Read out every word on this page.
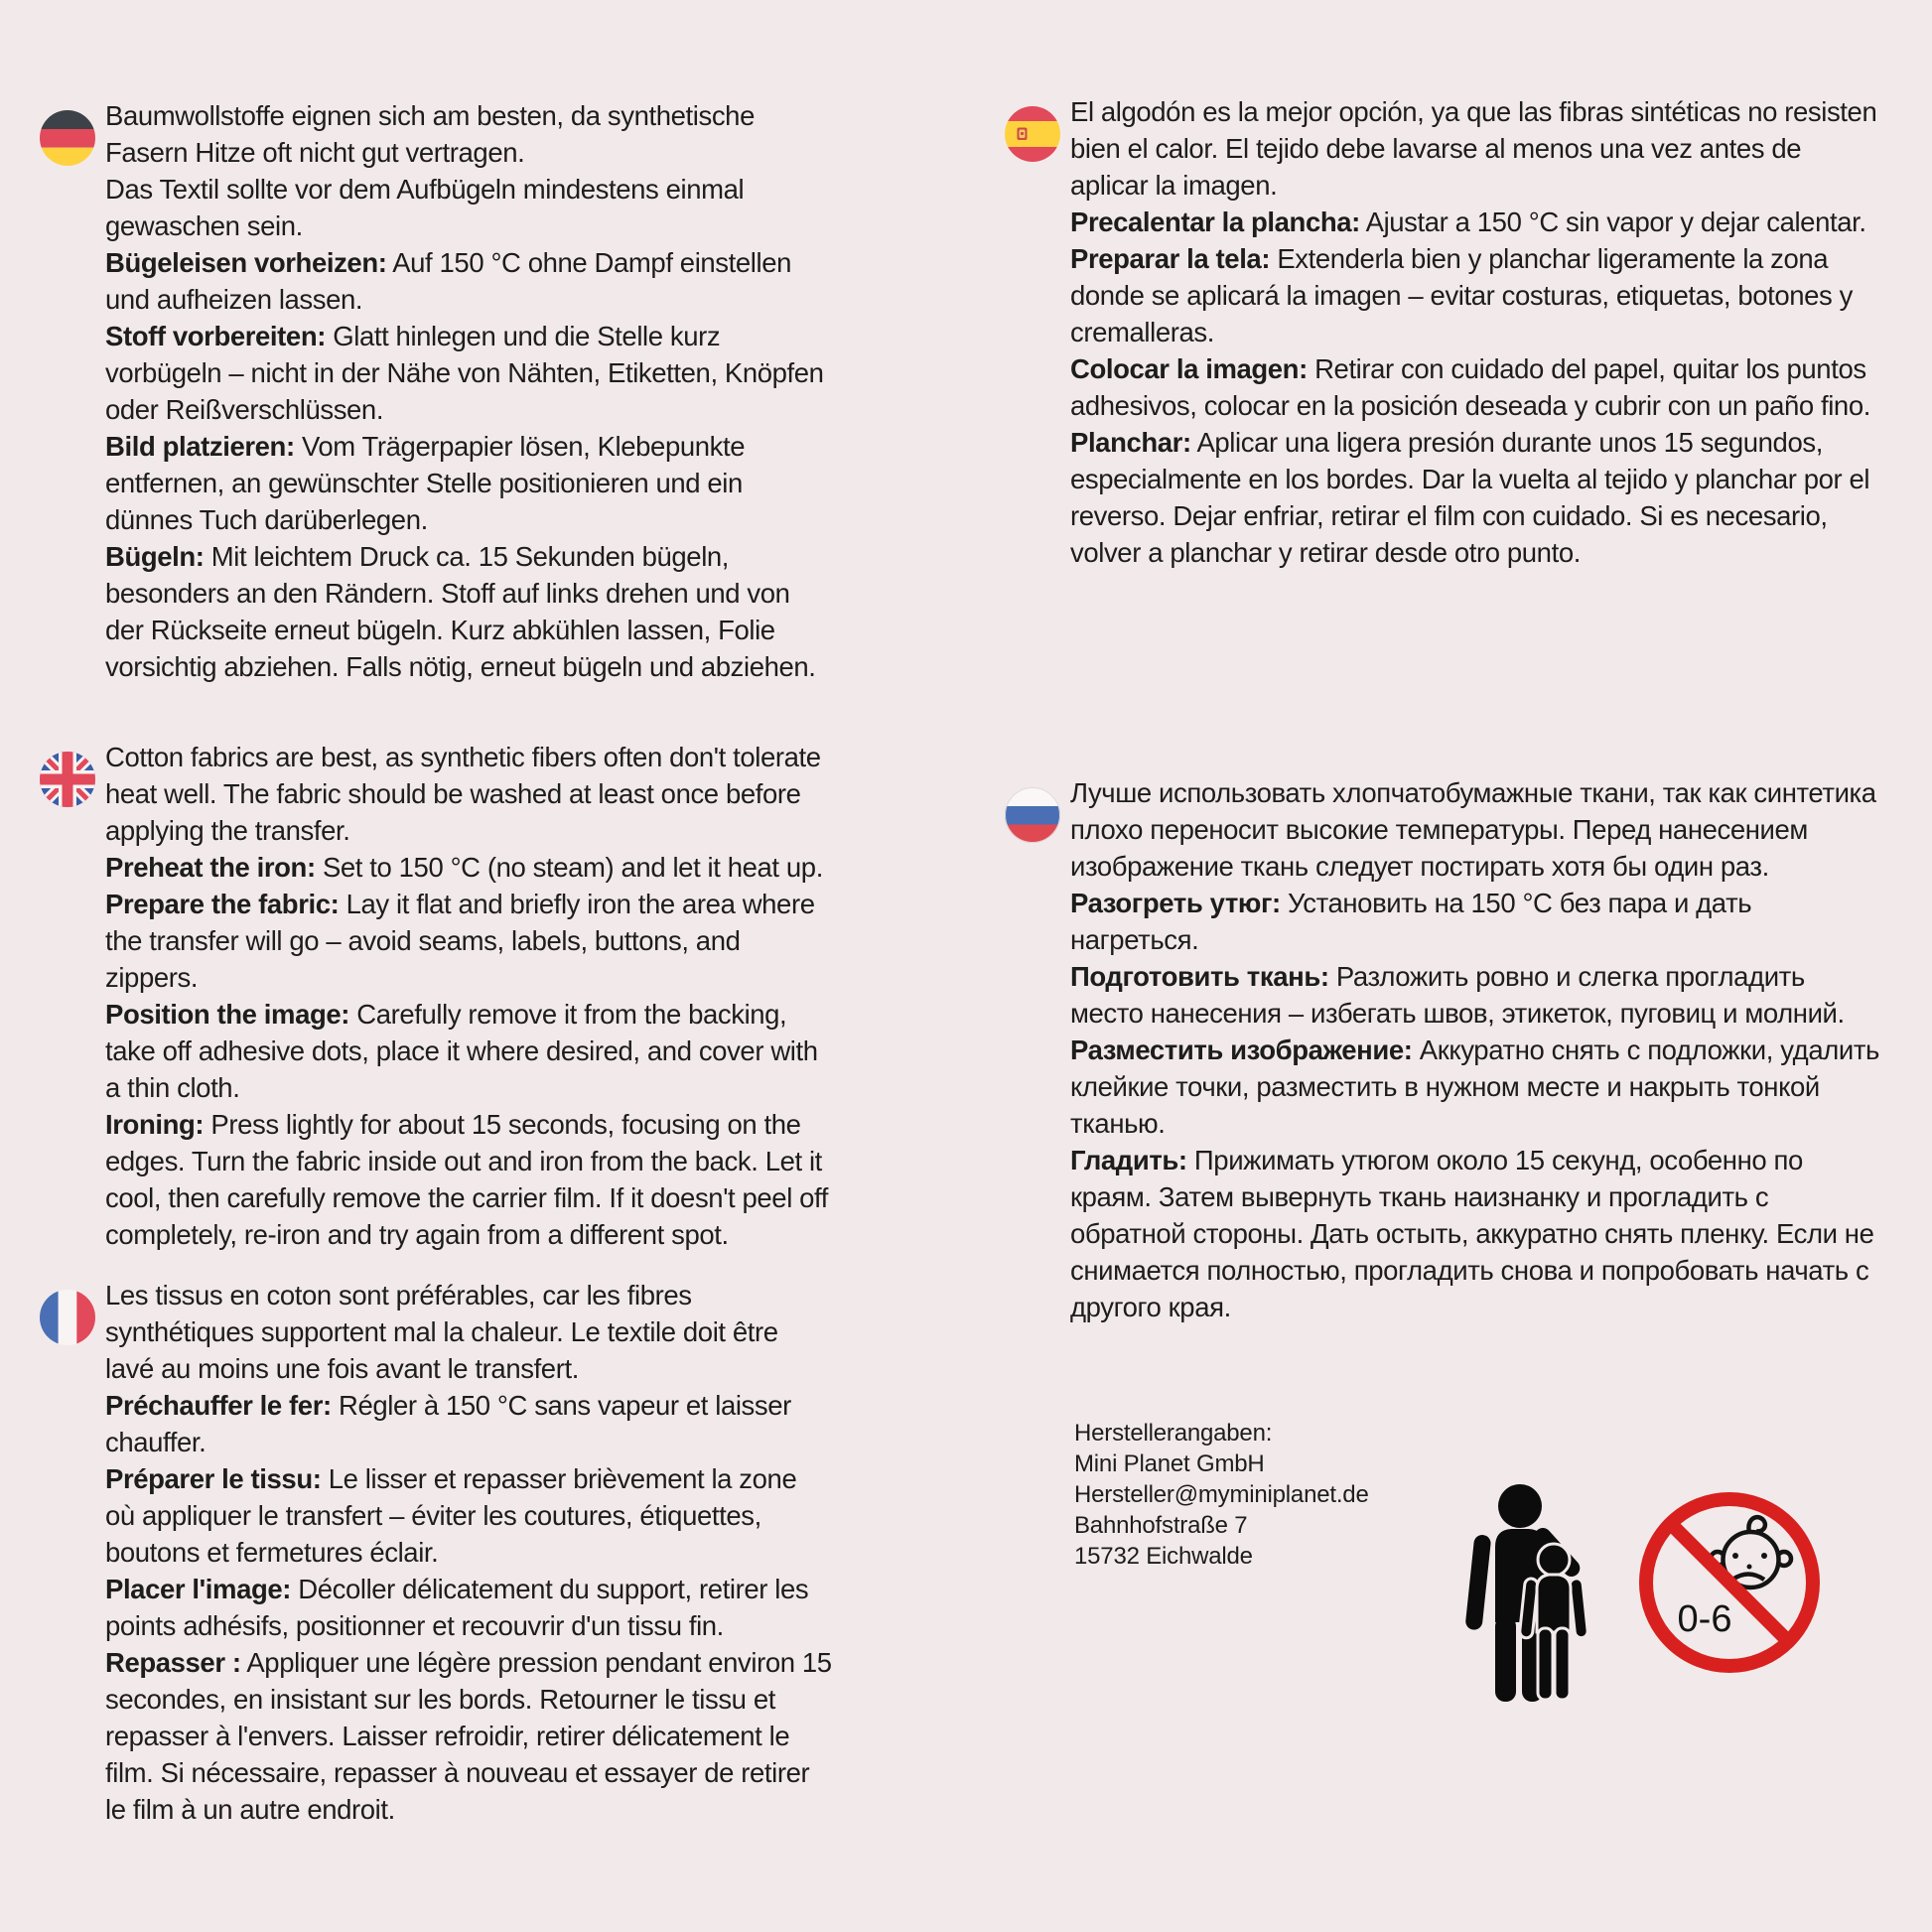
Baumwollstoffe eignen sich am besten, da synthetische Fasern Hitze oft nicht gut vertragen.

Das Textil sollte vor dem Aufbügeln mindestens einmal gewaschen sein.

Bügeleisen vorheizen: Auf 150 °C ohne Dampf einstellen und aufheizen lassen.

Stoff vorbereiten: Glatt hinlegen und die Stelle kurz vorbügeln – nicht in der Nähe von Nähten, Etiketten, Knöpfen oder Reißverschlüssen.

Bild platzieren: Vom Trägerpapier lösen, Klebepunkte entfernen, an gewünschter Stelle positionieren und ein dünnes Tuch darüberlegen.

Bügeln: Mit leichtem Druck ca. 15 Sekunden bügeln, besonders an den Rändern. Stoff auf links drehen und von der Rückseite erneut bügeln. Kurz abkühlen lassen, Folie vorsichtig abziehen. Falls nötig, erneut bügeln und abziehen.

Cotton fabrics are best, as synthetic fibers often don't tolerate heat well. The fabric should be washed at least once before applying the transfer.

Preheat the iron: Set to 150 °C (no steam) and let it heat up.

Prepare the fabric: Lay it flat and briefly iron the area where the transfer will go – avoid seams, labels, buttons, and zippers.

Position the image: Carefully remove it from the backing, take off adhesive dots, place it where desired, and cover with a thin cloth.

Ironing: Press lightly for about 15 seconds, focusing on the edges. Turn the fabric inside out and iron from the back. Let it cool, then carefully remove the carrier film. If it doesn't peel off completely, re-iron and try again from a different spot.

Les tissus en coton sont préférables, car les fibres synthétiques supportent mal la chaleur. Le textile doit être lavé au moins une fois avant le transfert.

Préchauffer le fer: Régler à 150 °C sans vapeur et laisser chauffer.

Préparer le tissu: Le lisser et repasser brièvement la zone où appliquer le transfert – éviter les coutures, étiquettes, boutons et fermetures éclair.

Placer l'image: Décoller délicatement du support, retirer les points adhésifs, positionner et recouvrir d'un tissu fin.

Repasser : Appliquer une légère pression pendant environ 15 secondes, en insistant sur les bords. Retourner le tissu et repasser à l'envers. Laisser refroidir, retirer délicatement le film. Si nécessaire, repasser à nouveau et essayer de retirer le film à un autre endroit.

El algodón es la mejor opción, ya que las fibras sintéticas no resisten bien el calor. El tejido debe lavarse al menos una vez antes de aplicar la imagen.

Precalentar la plancha: Ajustar a 150 °C sin vapor y dejar calentar.

Preparar la tela: Extenderla bien y planchar ligeramente la zona donde se aplicará la imagen – evitar costuras, etiquetas, botones y cremalleras.

Colocar la imagen: Retirar con cuidado del papel, quitar los puntos adhesivos, colocar en la posición deseada y cubrir con un paño fino.

Planchar: Aplicar una ligera presión durante unos 15 segundos, especialmente en los bordes. Dar la vuelta al tejido y planchar por el reverso. Dejar enfriar, retirar el film con cuidado. Si es necesario, volver a planchar y retirar desde otro punto.

Лучше использовать хлопчатобумажные ткани, так как синтетика плохо переносит высокие температуры. Перед нанесением изображение ткань следует постирать хотя бы один раз.

Разогреть утюг: Установить на 150 °C без пара и дать нагреться.

Подготовить ткань: Разложить ровно и слегка прогладить место нанесения – избегать швов, этикеток, пуговиц и молний.

Разместить изображение: Аккуратно снять с подложки, удалить клейкие точки, разместить в нужном месте и накрыть тонкой тканью.

Гладить: Прижимать утюгом около 15 секунд, особенно по краям. Затем вывернуть ткань наизнанку и прогладить с обратной стороны. Дать остыть, аккуратно снять пленку. Если не снимается полностью, прогладить снова и попробовать начать с другого края.

Herstellerangaben:
Mini Planet GmbH
Hersteller@myminiplanet.de
Bahnhofstraße 7
15732 Eichwalde
0-6
